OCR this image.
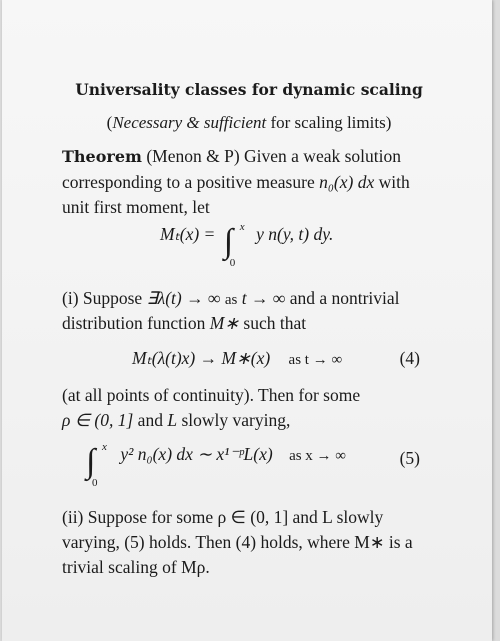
Universality classes for dynamic scaling
(Necessary & sufficient for scaling limits)
Theorem (Menon & P) Given a weak solution
corresponding to a positive measure n₀(x) dx with
unit first moment, let
Mₜ(x) = ∫ x
0
y n(y, t) dy.
(i) Suppose ∃λ(t) → ∞ as t → ∞ and a nontrivial
distribution function M∗ such that
Mₜ(λ(t)x) → M∗(x) as t → ∞	(4)
(at all points of continuity). Then for some
ρ ∈ (0, 1] and L slowly varying,
∫ x
0
y² n₀(x) dx ∼ x¹⁻ᵖL(x) as x → ∞	(5)
(ii) Suppose for some ρ ∈ (0, 1] and L slowly
varying, (5) holds. Then (4) holds, where M∗ is a
trivial scaling of Mρ.
